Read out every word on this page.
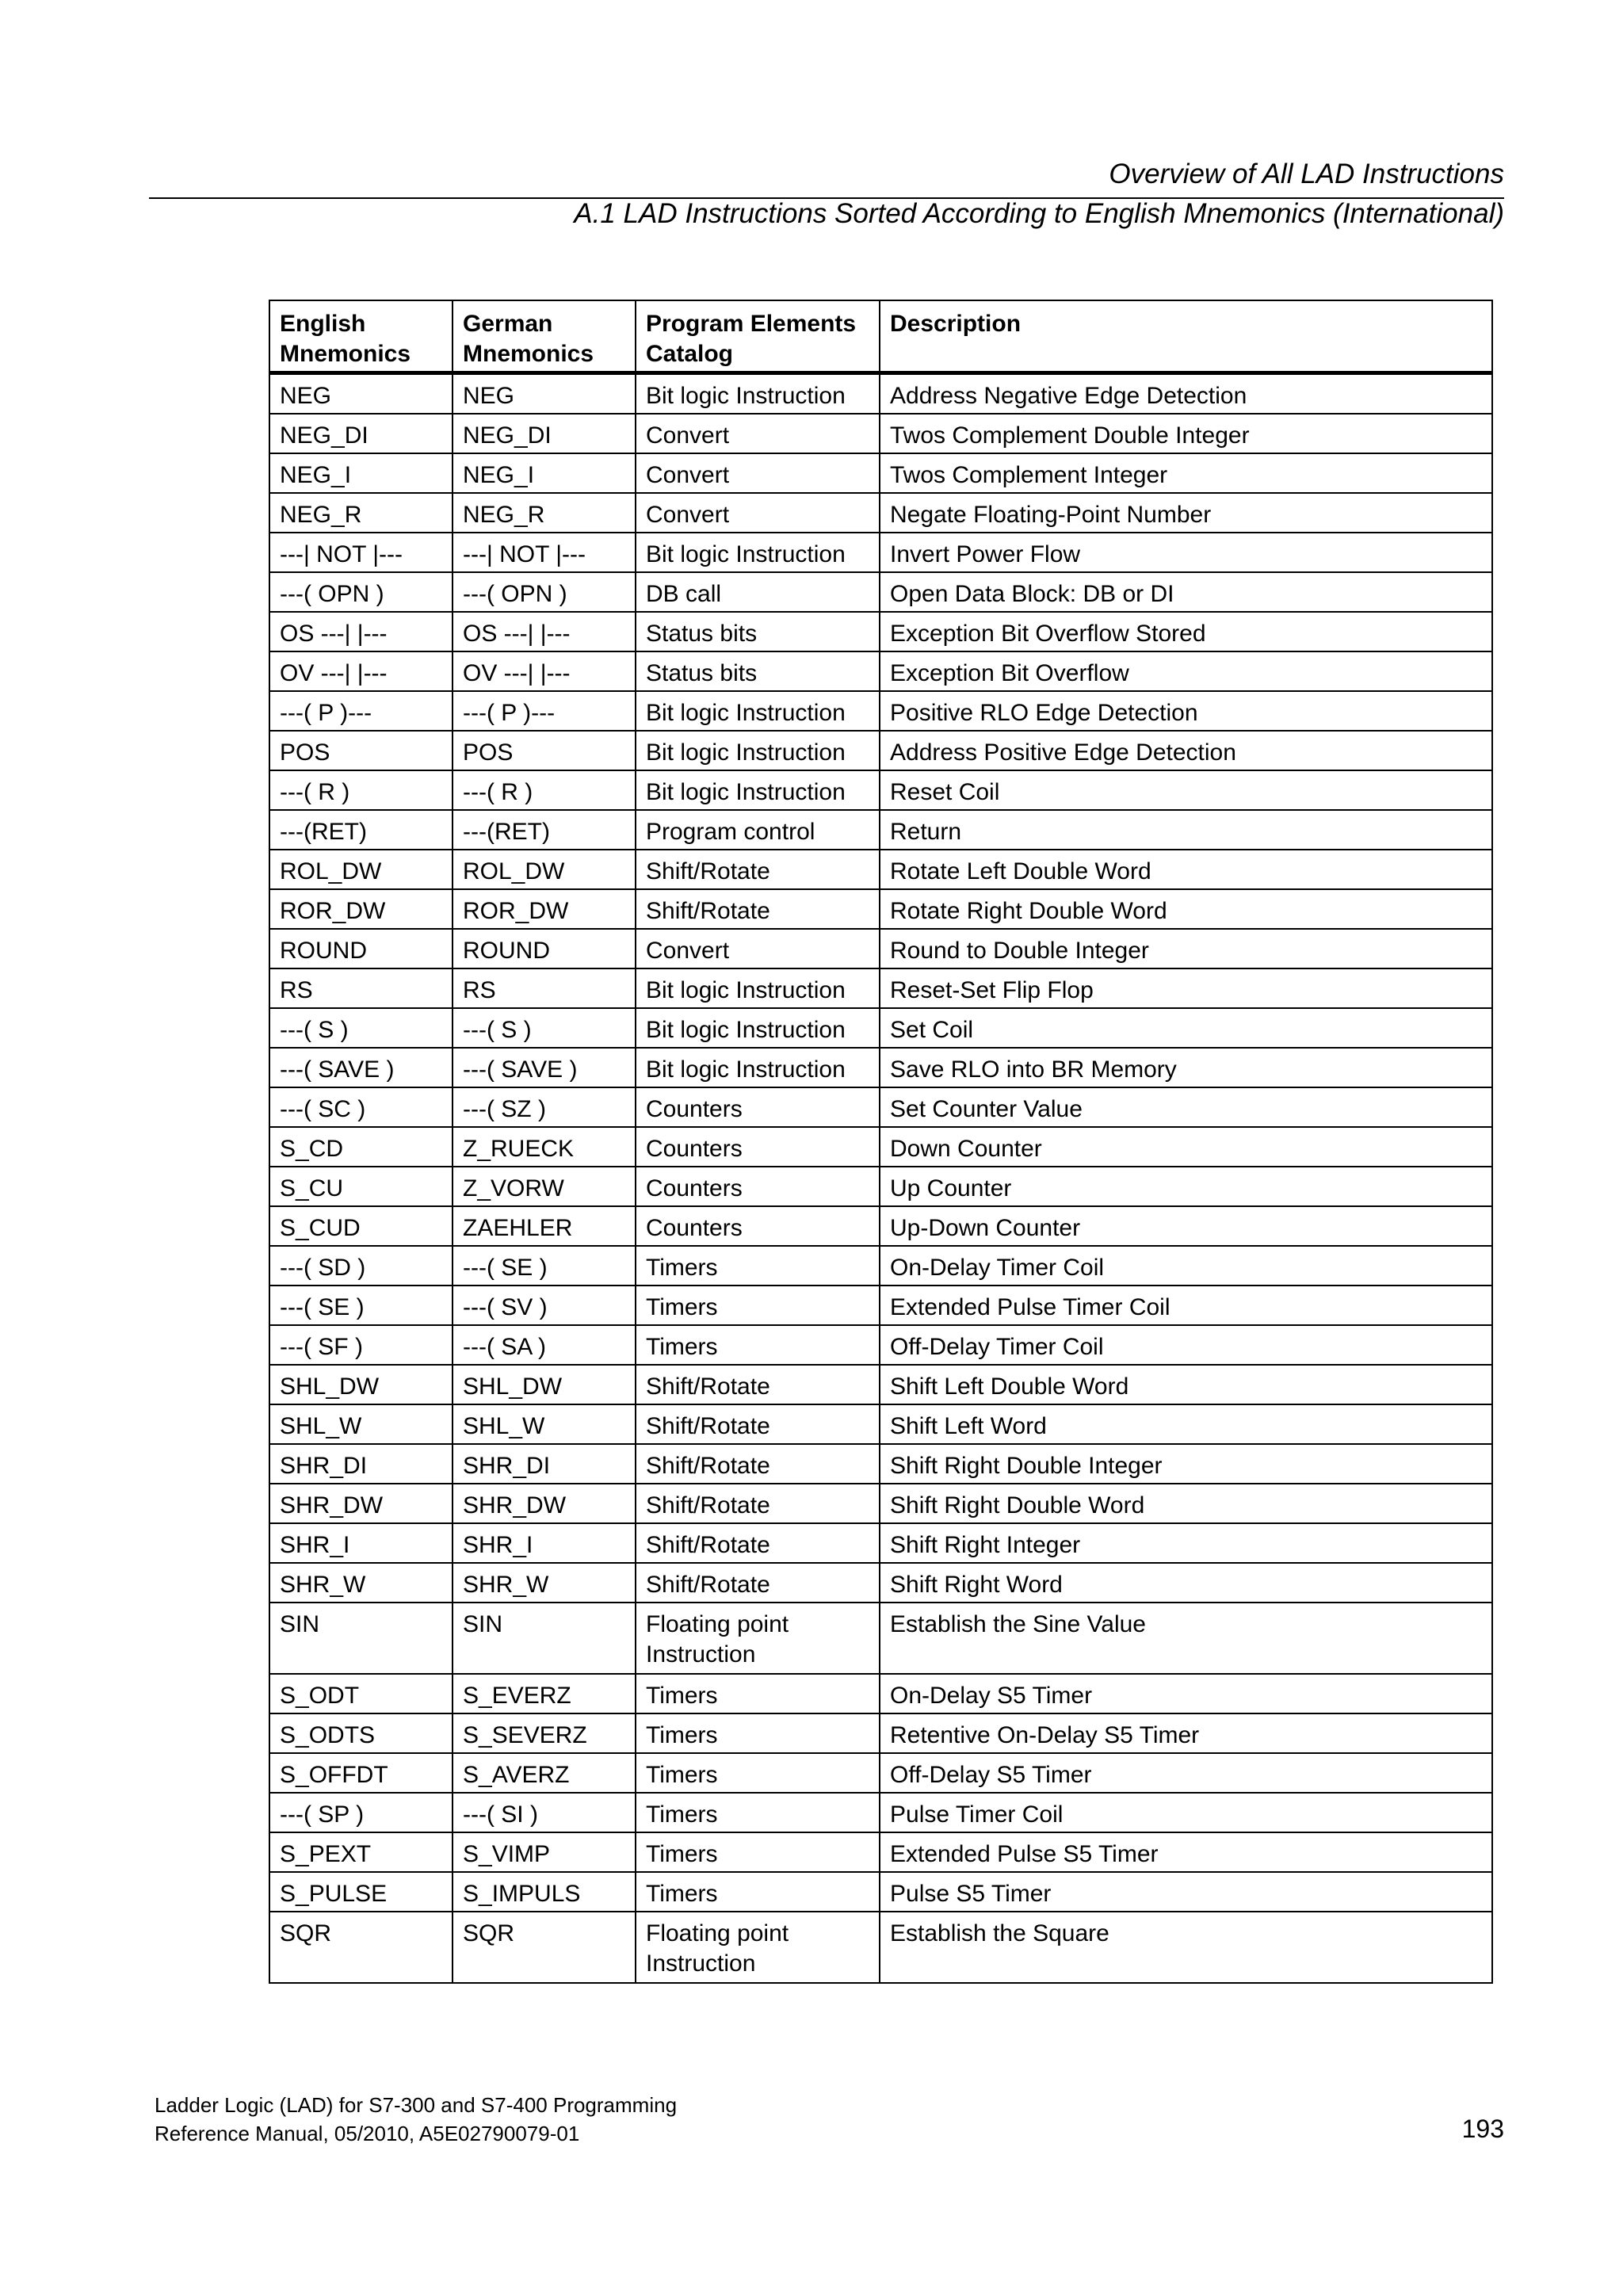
Overview of All LAD Instructions
A.1 LAD Instructions Sorted According to English Mnemonics (International)
English Mnemonics	German Mnemonics	Program Elements Catalog	Description
NEG	NEG	Bit logic Instruction	Address Negative Edge Detection
NEG_DI	NEG_DI	Convert	Twos Complement Double Integer
NEG_I	NEG_I	Convert	Twos Complement Integer
NEG_R	NEG_R	Convert	Negate Floating-Point Number
---| NOT |---	---| NOT |---	Bit logic Instruction	Invert Power Flow
---( OPN )	---( OPN )	DB call	Open Data Block: DB or DI
OS ---| |---	OS ---| |---	Status bits	Exception Bit Overflow Stored
OV ---| |---	OV ---| |---	Status bits	Exception Bit Overflow
---( P )---	---( P )---	Bit logic Instruction	Positive RLO Edge Detection
POS	POS	Bit logic Instruction	Address Positive Edge Detection
---( R )	---( R )	Bit logic Instruction	Reset Coil
---(RET)	---(RET)	Program control	Return
ROL_DW	ROL_DW	Shift/Rotate	Rotate Left Double Word
ROR_DW	ROR_DW	Shift/Rotate	Rotate Right Double Word
ROUND	ROUND	Convert	Round to Double Integer
RS	RS	Bit logic Instruction	Reset-Set Flip Flop
---( S )	---( S )	Bit logic Instruction	Set Coil
---( SAVE )	---( SAVE )	Bit logic Instruction	Save RLO into BR Memory
---( SC )	---( SZ )	Counters	Set Counter Value
S_CD	Z_RUECK	Counters	Down Counter
S_CU	Z_VORW	Counters	Up Counter
S_CUD	ZAEHLER	Counters	Up-Down Counter
---( SD )	---( SE )	Timers	On-Delay Timer Coil
---( SE )	---( SV )	Timers	Extended Pulse Timer Coil
---( SF )	---( SA )	Timers	Off-Delay Timer Coil
SHL_DW	SHL_DW	Shift/Rotate	Shift Left Double Word
SHL_W	SHL_W	Shift/Rotate	Shift Left Word
SHR_DI	SHR_DI	Shift/Rotate	Shift Right Double Integer
SHR_DW	SHR_DW	Shift/Rotate	Shift Right Double Word
SHR_I	SHR_I	Shift/Rotate	Shift Right Integer
SHR_W	SHR_W	Shift/Rotate	Shift Right Word
SIN	SIN	Floating point Instruction	Establish the Sine Value
S_ODT	S_EVERZ	Timers	On-Delay S5 Timer
S_ODTS	S_SEVERZ	Timers	Retentive On-Delay S5 Timer
S_OFFDT	S_AVERZ	Timers	Off-Delay S5 Timer
---( SP )	---( SI )	Timers	Pulse Timer Coil
S_PEXT	S_VIMP	Timers	Extended Pulse S5 Timer
S_PULSE	S_IMPULS	Timers	Pulse S5 Timer
SQR	SQR	Floating point Instruction	Establish the Square
Ladder Logic (LAD) for S7-300 and S7-400 Programming
Reference Manual, 05/2010, A5E02790079-01	193
